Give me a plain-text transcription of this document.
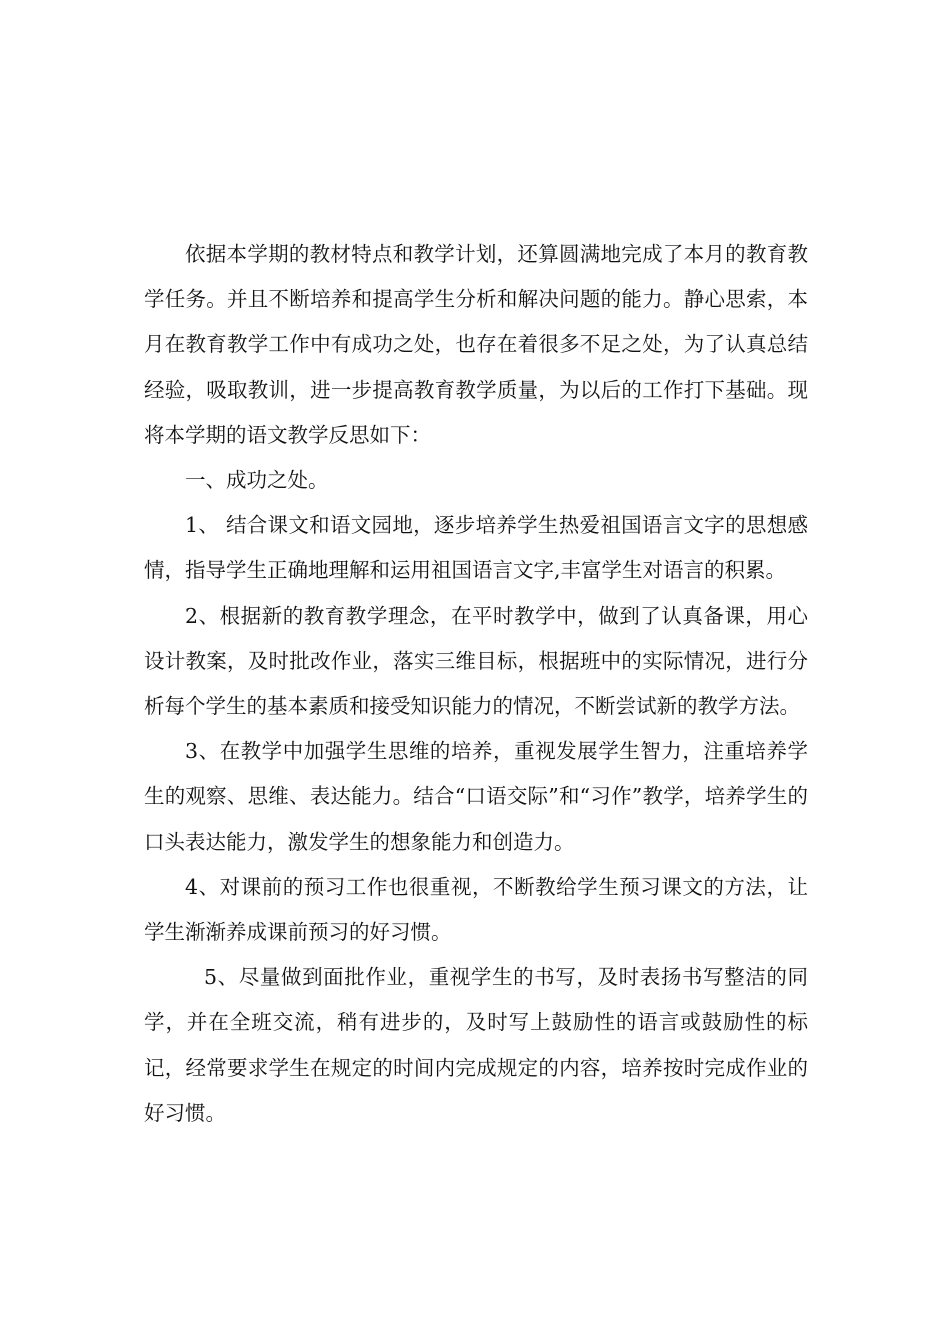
依据本学期的教材特点和教学计划，还算圆满地完成了本月的教育教学任务。并且不断培养和提高学生分析和解决问题的能力。静心思索，本月在教育教学工作中有成功之处，也存在着很多不足之处，为了认真总结经验，吸取教训，进一步提高教育教学质量，为以后的工作打下基础。现将本学期的语文教学反思如下：

一、成功之处。

1、 结合课文和语文园地，逐步培养学生热爱祖国语言文字的思想感情，指导学生正确地理解和运用祖国语言文字,丰富学生对语言的积累。

2、根据新的教育教学理念，在平时教学中，做到了认真备课，用心设计教案，及时批改作业，落实三维目标，根据班中的实际情况，进行分析每个学生的基本素质和接受知识能力的情况，不断尝试新的教学方法。

3、在教学中加强学生思维的培养，重视发展学生智力，注重培养学生的观察、思维、表达能力。结合“口语交际”和“习作”教学，培养学生的口头表达能力，激发学生的想象能力和创造力。

4、对课前的预习工作也很重视，不断教给学生预习课文的方法，让学生渐渐养成课前预习的好习惯。

5、尽量做到面批作业，重视学生的书写，及时表扬书写整洁的同学，并在全班交流，稍有进步的，及时写上鼓励性的语言或鼓励性的标记，经常要求学生在规定的时间内完成规定的内容，培养按时完成作业的好习惯。
